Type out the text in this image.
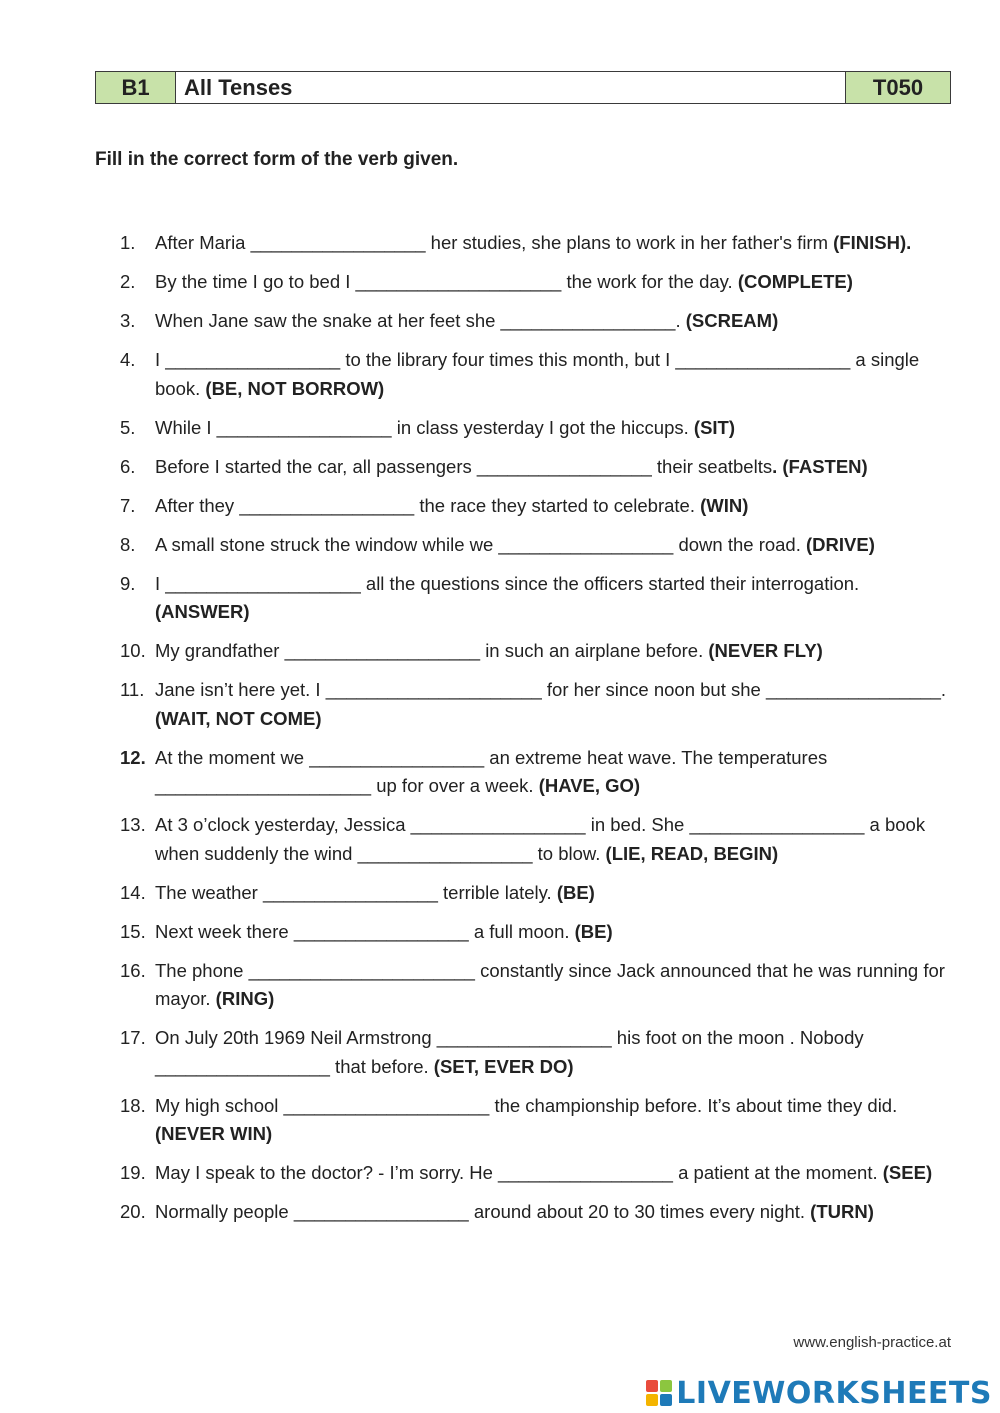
B1	All Tenses	T050
Fill in the correct form of the verb given.
1.	After Maria _________________ her studies, she plans to work in her father's firm (FINISH).
2.	By the time I go to bed I ____________________ the work for the day. (COMPLETE)
3.	When Jane saw the snake at her feet she _________________. (SCREAM)
4.	I _________________ to the library four times this month, but I _________________ a single book. (BE, NOT BORROW)
5.	While I _________________ in class yesterday I got the hiccups. (SIT)
6.	Before I started the car, all passengers _________________ their seatbelts. (FASTEN)
7.	After they _________________ the race they started to celebrate. (WIN)
8.	A small stone struck the window while we _________________ down the road. (DRIVE)
9.	I ___________________ all the questions since the officers started their interrogation. (ANSWER)
10. My grandfather ___________________ in such an airplane before. (NEVER FLY)
11. Jane isn’t here yet. I _____________________ for her since noon but she _________________. (WAIT, NOT COME)
12. At the moment we _________________ an extreme heat wave. The temperatures _____________________ up for over a week. (HAVE, GO)
13. At 3 o’clock yesterday, Jessica _________________ in bed. She _________________ a book when suddenly the wind _________________ to blow. (LIE, READ, BEGIN)
14. The weather _________________ terrible lately. (BE)
15. Next week there _________________ a full moon. (BE)
16. The phone ______________________ constantly since Jack announced that he was running for mayor. (RING)
17. On July 20th 1969 Neil Armstrong _________________ his foot on the moon . Nobody _________________ that before. (SET, EVER DO)
18. My high school ____________________ the championship before. It’s about time they did. (NEVER WIN)
19. May I speak to the doctor? - I’m sorry. He _________________ a patient at the moment. (SEE)
20. Normally people _________________ around about 20 to 30 times every night. (TURN)
www.english-practice.at
LIVEWORKSHEETS
